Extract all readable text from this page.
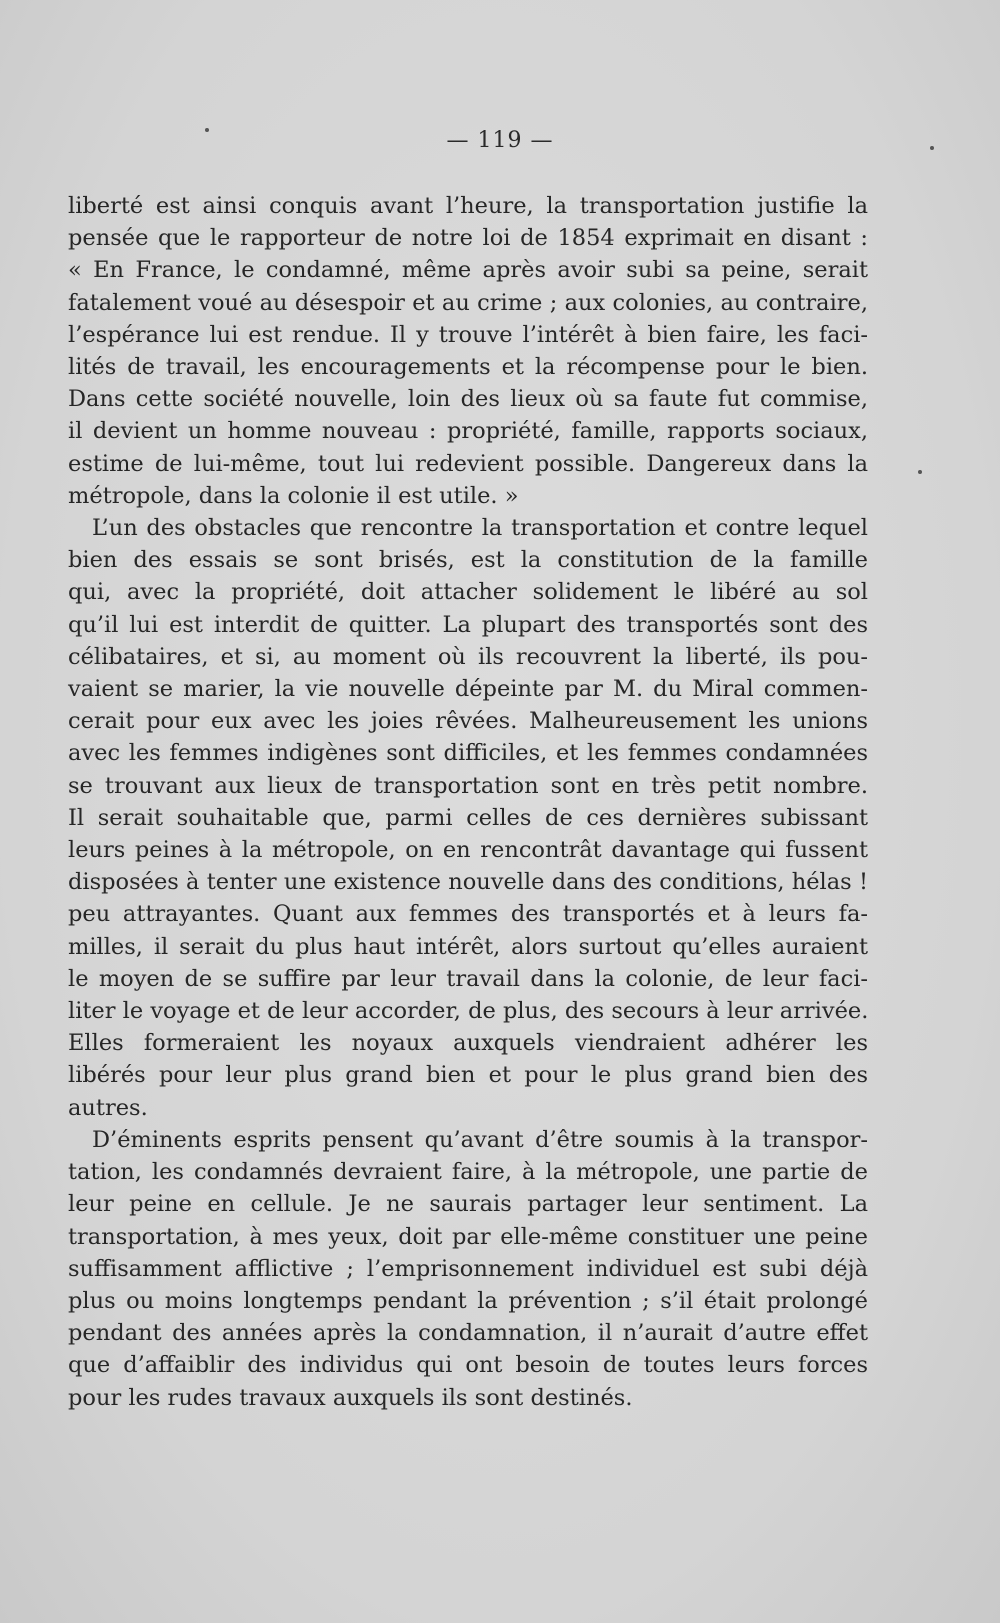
— 119 —

liberté est ainsi conquis avant l’heure, la transportation justifie la
pensée que le rapporteur de notre loi de 1854 exprimait en disant :
« En France, le condamné, même après avoir subi sa peine, serait
fatalement voué au désespoir et au crime ; aux colonies, au contraire,
l’espérance lui est rendue. Il y trouve l’intérêt à bien faire, les faci-
lités de travail, les encouragements et la récompense pour le bien.
Dans cette société nouvelle, loin des lieux où sa faute fut commise,
il devient un homme nouveau : propriété, famille, rapports sociaux,
estime de lui-même, tout lui redevient possible. Dangereux dans la
métropole, dans la colonie il est utile. »

L’un des obstacles que rencontre la transportation et contre lequel
bien des essais se sont brisés, est la constitution de la famille
qui, avec la propriété, doit attacher solidement le libéré au sol
qu’il lui est interdit de quitter. La plupart des transportés sont des
célibataires, et si, au moment où ils recouvrent la liberté, ils pou-
vaient se marier, la vie nouvelle dépeinte par M. du Miral commen-
cerait pour eux avec les joies rêvées. Malheureusement les unions
avec les femmes indigènes sont difficiles, et les femmes condamnées
se trouvant aux lieux de transportation sont en très petit nombre.
Il serait souhaitable que, parmi celles de ces dernières subissant
leurs peines à la métropole, on en rencontrât davantage qui fussent
disposées à tenter une existence nouvelle dans des conditions, hélas !
peu attrayantes. Quant aux femmes des transportés et à leurs fa-
milles, il serait du plus haut intérêt, alors surtout qu’elles auraient
le moyen de se suffire par leur travail dans la colonie, de leur faci-
liter le voyage et de leur accorder, de plus, des secours à leur arrivée.
Elles formeraient les noyaux auxquels viendraient adhérer les
libérés pour leur plus grand bien et pour le plus grand bien des
autres.

D’éminents esprits pensent qu’avant d’être soumis à la transpor-
tation, les condamnés devraient faire, à la métropole, une partie de
leur peine en cellule. Je ne saurais partager leur sentiment. La
transportation, à mes yeux, doit par elle-même constituer une peine
suffisamment afflictive ; l’emprisonnement individuel est subi déjà
plus ou moins longtemps pendant la prévention ; s’il était prolongé
pendant des années après la condamnation, il n’aurait d’autre effet
que d’affaiblir des individus qui ont besoin de toutes leurs forces
pour les rudes travaux auxquels ils sont destinés.
